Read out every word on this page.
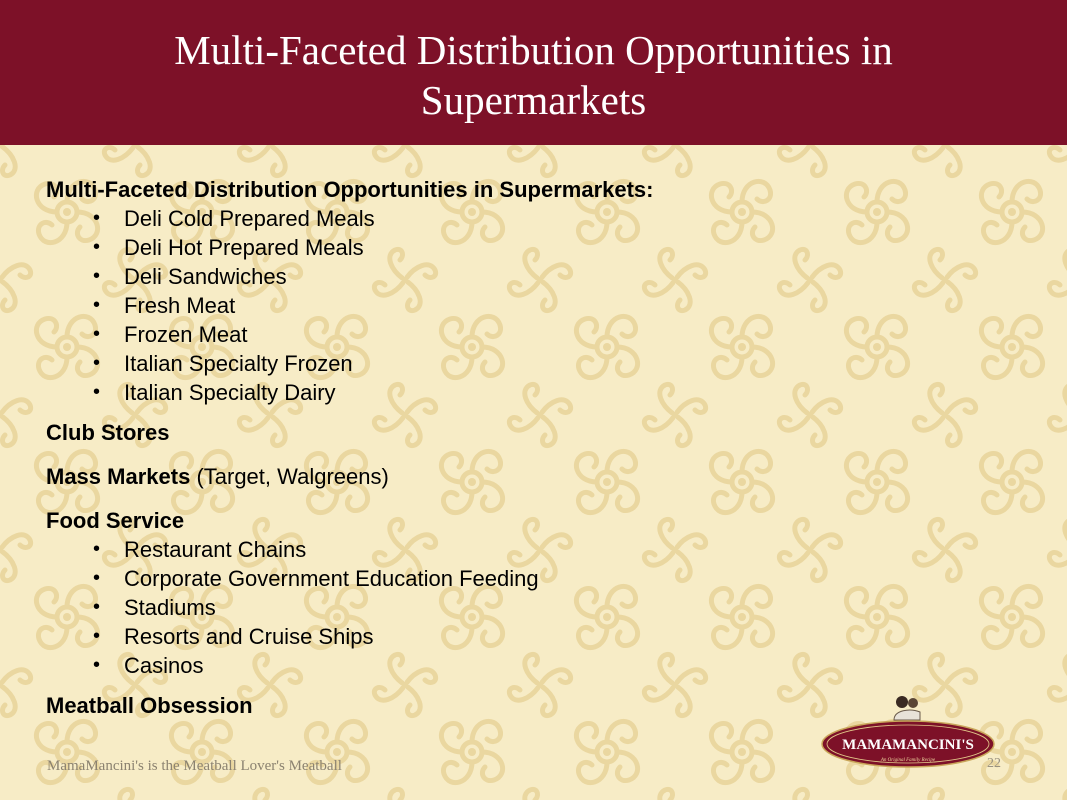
Multi-Faceted Distribution Opportunities in Supermarkets
Multi-Faceted Distribution Opportunities in Supermarkets:
• Deli Cold Prepared Meals
• Deli Hot Prepared Meals
• Deli Sandwiches
• Fresh Meat
• Frozen Meat
• Italian Specialty Frozen
• Italian Specialty Dairy
Club Stores
Mass Markets (Target, Walgreens)
Food Service
• Restaurant Chains
• Corporate Government Education Feeding
• Stadiums
• Resorts and Cruise Ships
• Casinos
Meatball Obsession
MamaMancini's is the Meatball Lover's Meatball
MAMAMANCINI'S
An Original Family Recipe	22
